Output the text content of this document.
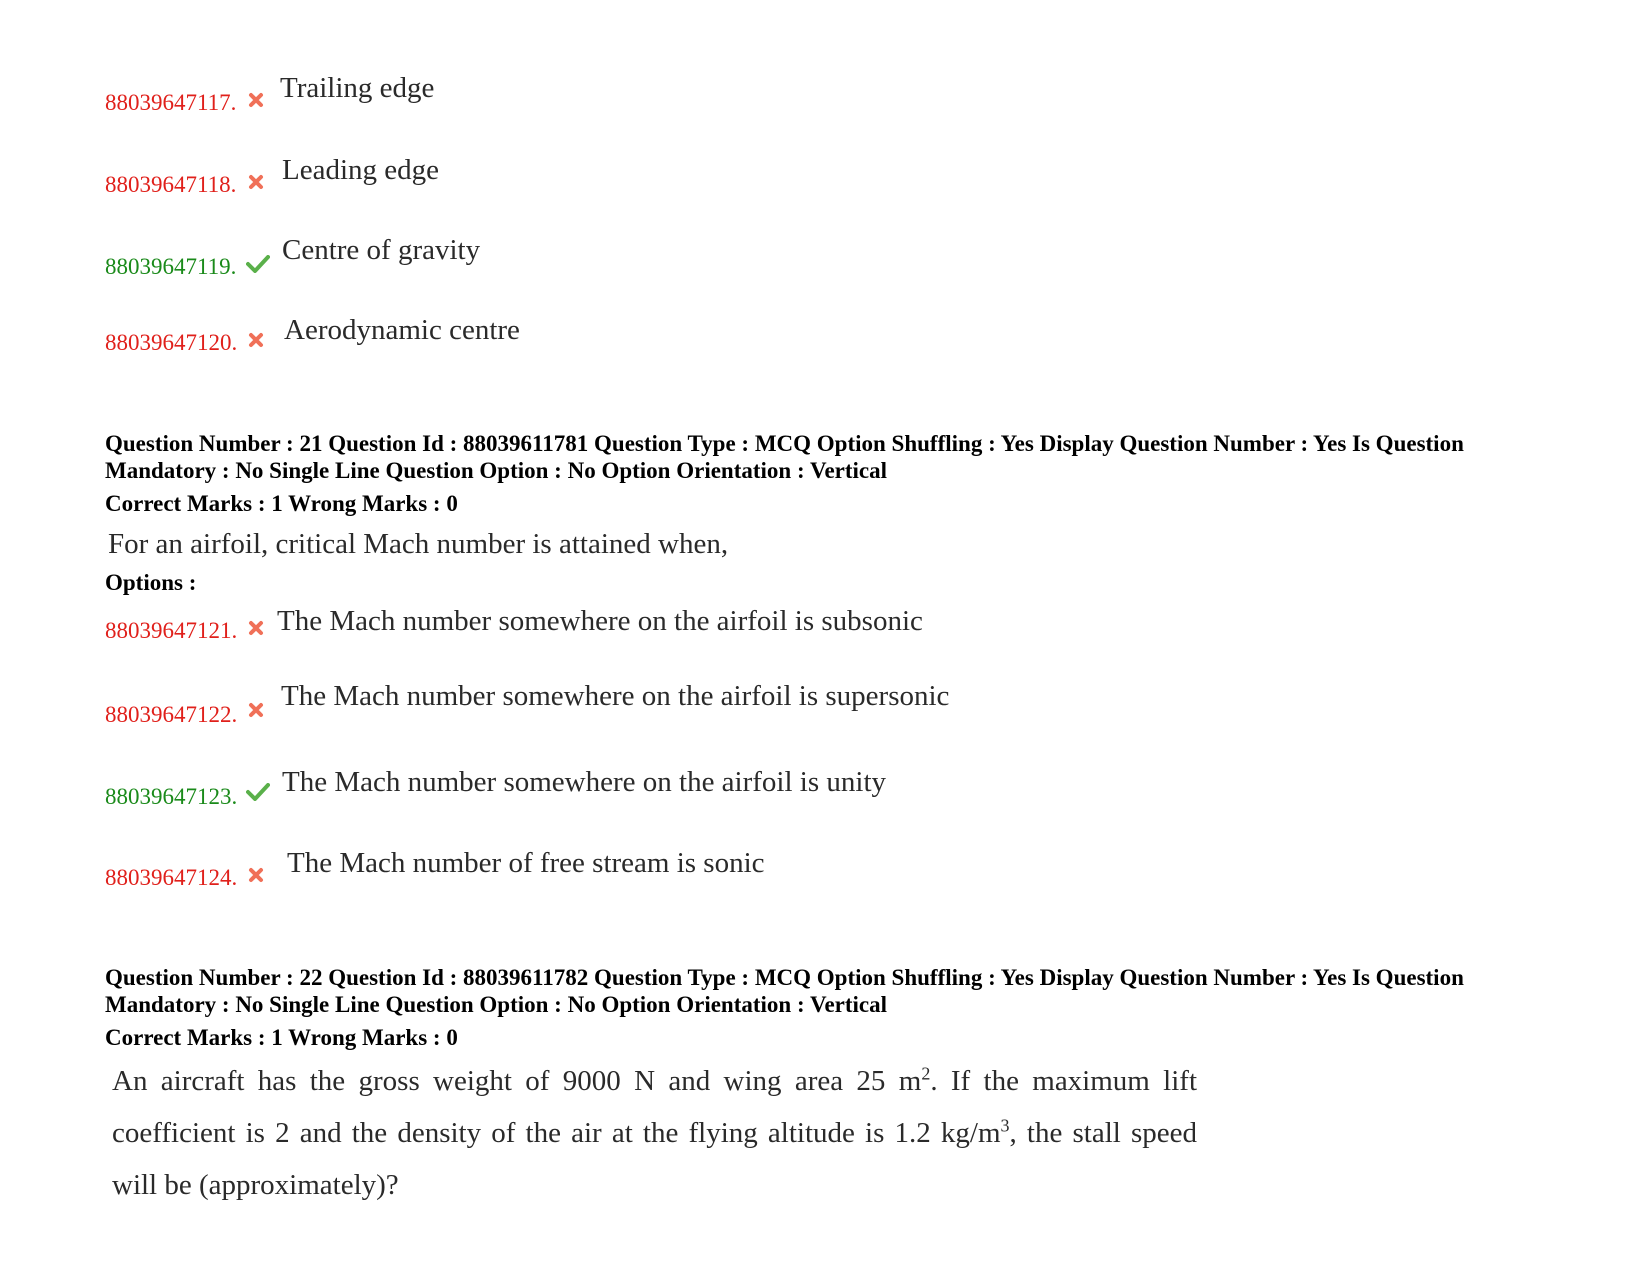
88039647117. Trailing edge
88039647118. Leading edge
88039647119.
Centre of gravity
88039647120. Aerodynamic centre

Question Number : 21 Question Id : 88039611781 Question Type : MCQ Option Shuffling : Yes Display Question Number : Yes Is Question Mandatory : No Single Line Question Option : No Option Orientation : Vertical

Correct Marks : 1 Wrong Marks : 0

For an airfoil, critical Mach number is attained when,
Options :
88039647121. The Mach number somewhere on the airfoil is subsonic
88039647122.
The Mach number somewhere on the airfoil is supersonic
88039647123. The Mach number somewhere on the airfoil is unity
88039647124. The Mach number of free stream is sonic

Question Number : 22 Question Id : 88039611782 Question Type : MCQ Option Shuffling : Yes Display Question Number : Yes Is Question Mandatory : No Single Line Question Option : No Option Orientation : Vertical

Correct Marks : 1 Wrong Marks : 0

An aircraft has the gross weight of 9000 N and wing area 25 $m^2$. If the maximum lift coefficient is 2 and the density of the air at the flying altitude is 1.2 $kg/m^3$, the stall speed will be (approximately)?
